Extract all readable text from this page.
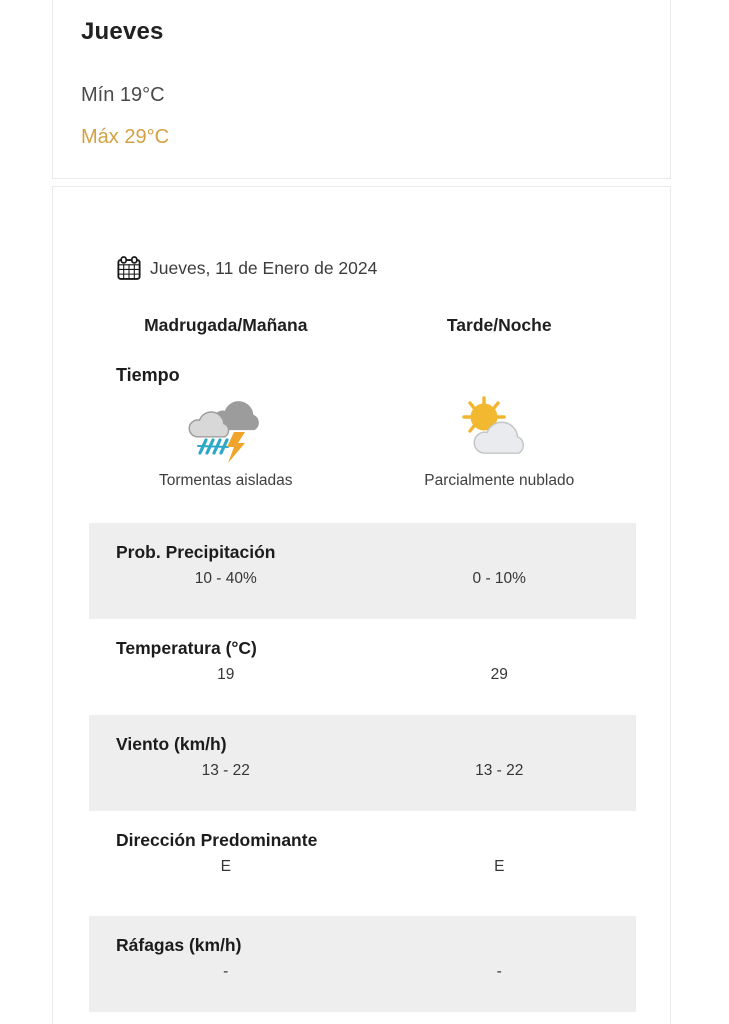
Jueves
Mín 19°C
Máx 29°C
Jueves, 11 de Enero de 2024
Madrugada/Mañana	Tarde/Noche
Tiempo
Tormentas aisladas	Parcialmente nublado
Prob. Precipitación
10 - 40%	0 - 10%
Temperatura (°C)
19	29
Viento (km/h)
13 - 22	13 - 22
Dirección Predominante
E	E
Ráfagas (km/h)
-	-
